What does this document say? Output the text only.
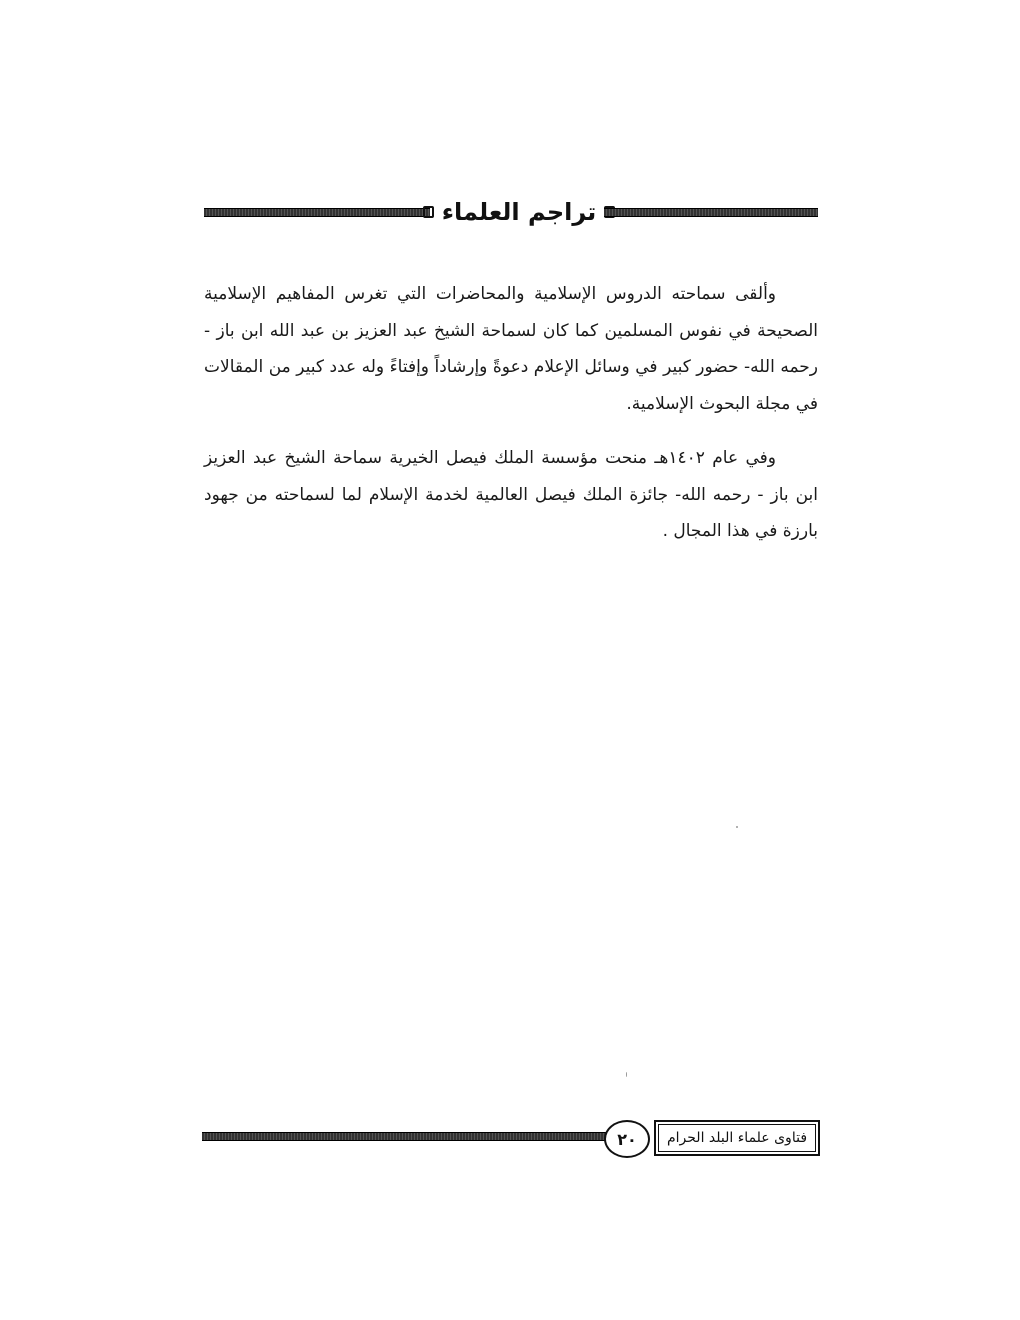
تراجم العلماء

وألقى سماحته الدروس الإسلامية والمحاضرات التي تغرس المفاهيم الإسلامية الصحيحة في نفوس المسلمين كما كان لسماحة الشيخ عبد العزيز بن عبد الله ابن باز - رحمه الله- حضور كبير في وسائل الإعلام دعوةً وإرشاداً وإفتاءً وله عدد كبير من المقالات في مجلة البحوث الإسلامية.

وفي عام ١٤٠٢هـ منحت مؤسسة الملك فيصل الخيرية سماحة الشيخ عبد العزيز ابن باز - رحمه الله- جائزة الملك فيصل العالمية لخدمة الإسلام لما لسماحته من جهود بارزة في هذا المجال .

٢٠ فتاوى علماء البلد الحرام
